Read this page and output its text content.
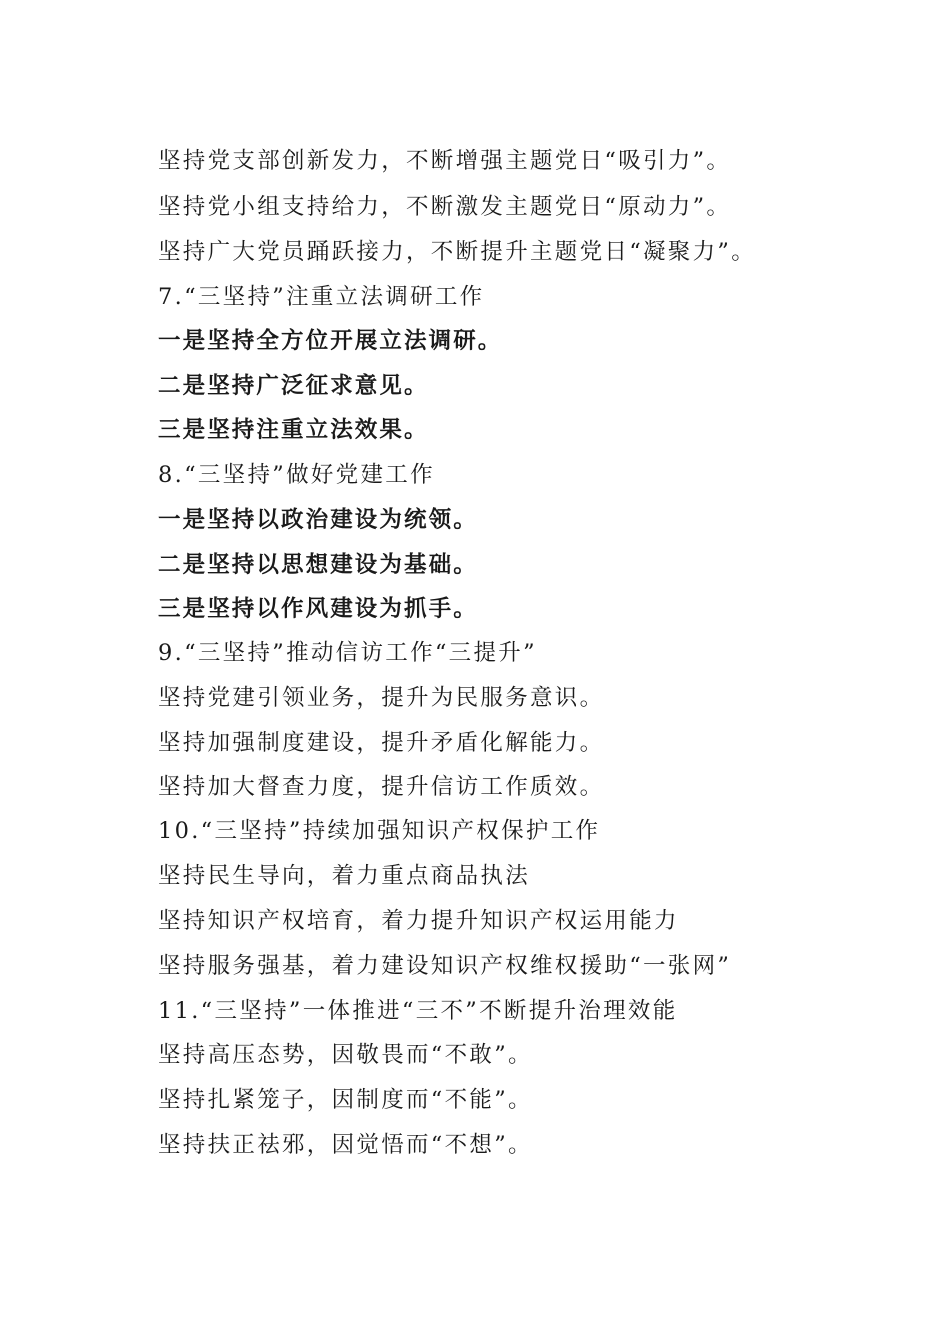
坚持党支部创新发力，不断增强主题党日“吸引力”。
坚持党小组支持给力，不断激发主题党日“原动力”。
坚持广大党员踊跃接力，不断提升主题党日“凝聚力”。
7.“三坚持”注重立法调研工作
一是坚持全方位开展立法调研。
二是坚持广泛征求意见。
三是坚持注重立法效果。
8.“三坚持”做好党建工作
一是坚持以政治建设为统领。
二是坚持以思想建设为基础。
三是坚持以作风建设为抓手。
9.“三坚持”推动信访工作“三提升”
坚持党建引领业务，提升为民服务意识。
坚持加强制度建设，提升矛盾化解能力。
坚持加大督查力度，提升信访工作质效。
10.“三坚持”持续加强知识产权保护工作
坚持民生导向，着力重点商品执法
坚持知识产权培育，着力提升知识产权运用能力
坚持服务强基，着力建设知识产权维权援助“一张网”
11.“三坚持”一体推进“三不”不断提升治理效能
坚持高压态势，因敬畏而“不敢”。
坚持扎紧笼子，因制度而“不能”。
坚持扶正祛邪，因觉悟而“不想”。
